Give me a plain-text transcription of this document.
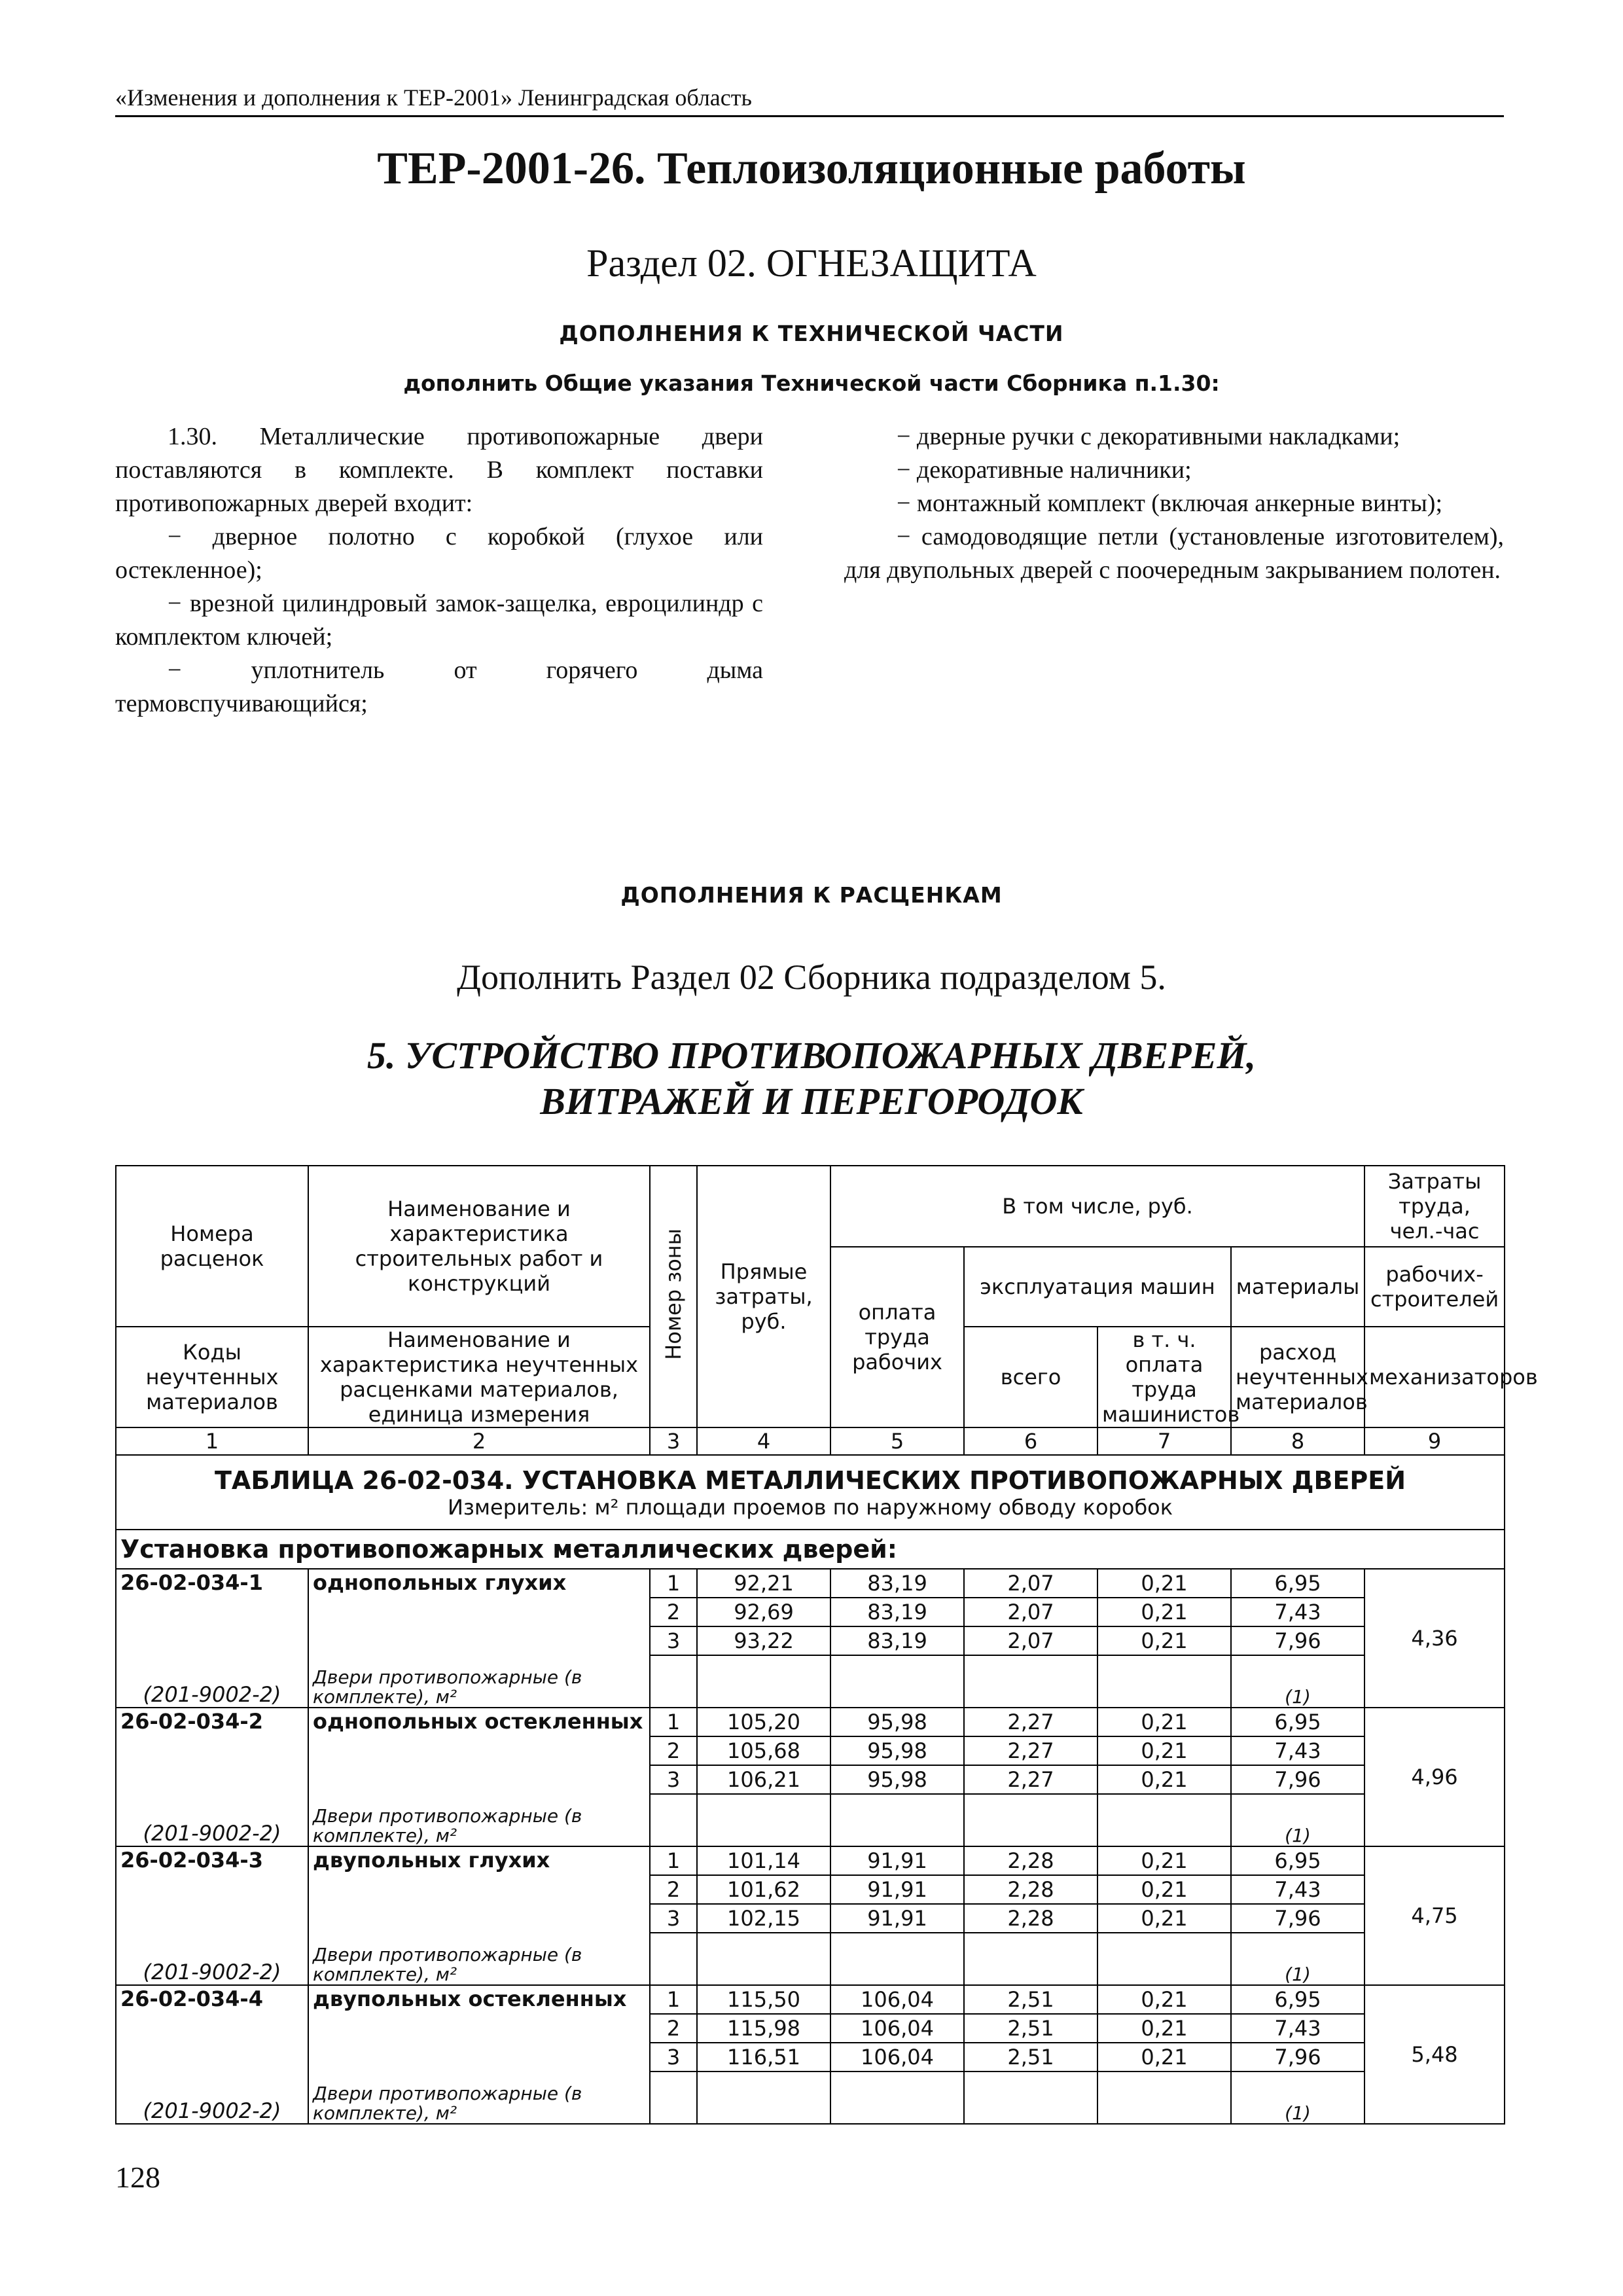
«Изменения и дополнения к ТЕР-2001» Ленинградская область
ТЕР-2001-26. Теплоизоляционные работы
Раздел 02. ОГНЕЗАЩИТА
ДОПОЛНЕНИЯ К ТЕХНИЧЕСКОЙ ЧАСТИ
дополнить Общие указания Технической части Сборника п.1.30:

1.30. Металлические противопожарные двери поставляются в комплекте. В комплект поставки противопожарных дверей входит:

− дверное полотно с коробкой (глухое или остекленное);

− врезной цилиндровый замок-защелка, евроцилиндр с комплектом ключей;

− уплотнитель от горячего дыма термовспучивающийся;

− дверные ручки с декоративными накладками;

− декоративные наличники;

− монтажный комплект (включая анкерные винты);

− самодоводящие петли (установленые изготовителем), для двупольных дверей с поочередным закрыванием полотен.

ДОПОЛНЕНИЯ К РАСЦЕНКАМ
Дополнить Раздел 02 Сборника подразделом 5.
5. УСТРОЙСТВО ПРОТИВОПОЖАРНЫХ ДВЕРЕЙ,
ВИТРАЖЕЙ И ПЕРЕГОРОДОК
Номера расценок	Наименование и характеристика строительных работ и конструкций	Номер зоны	Прямые затраты, руб.	В том числе, руб.				Затраты труда, чел.-час

				оплата труда рабочих	эксплуатация машин		материалы	рабочих-строителей
Коды неучтенных материалов	Наименование и характеристика неучтенных расценками материалов, единица измерения				всего	в т. ч. оплата труда машинистов	расход неучтенных материалов	механизаторов

1	2	3	4	5	6	7	8	9
ТАБЛИЦА 26-02-034. УСТАНОВКА МЕТАЛЛИЧЕСКИХ ПРОТИВОПОЖАРНЫХ ДВЕРЕЙ
Измеритель: м² площади проемов по наружному обводу коробок								

Установка противопожарных металлических дверей:								
26-02-034-1	однопольных глухих	1	92,21	83,19	2,07	0,21	6,95	4,36
		2	92,69	83,19	2,07	0,21	7,43	
		3	93,22	83,19	2,07	0,21	7,96	
(201-9002-2)	Двери противопожарные (в комплекте), м²						(1)	
26-02-034-2	однопольных остекленных	1	105,20	95,98	2,27	0,21	6,95	4,96
		2	105,68	95,98	2,27	0,21	7,43	
		3	106,21	95,98	2,27	0,21	7,96	
(201-9002-2)	Двери противопожарные (в комплекте), м²						(1)	
26-02-034-3	двупольных глухих	1	101,14	91,91	2,28	0,21	6,95	4,75
		2	101,62	91,91	2,28	0,21	7,43	
		3	102,15	91,91	2,28	0,21	7,96	
(201-9002-2)	Двери противопожарные (в комплекте), м²						(1)	
26-02-034-4	двупольных остекленных	1	115,50	106,04	2,51	0,21	6,95	5,48
		2	115,98	106,04	2,51	0,21	7,43	
		3	116,51	106,04	2,51	0,21	7,96	
(201-9002-2)	Двери противопожарные (в комплекте), м²						(1)	
128
